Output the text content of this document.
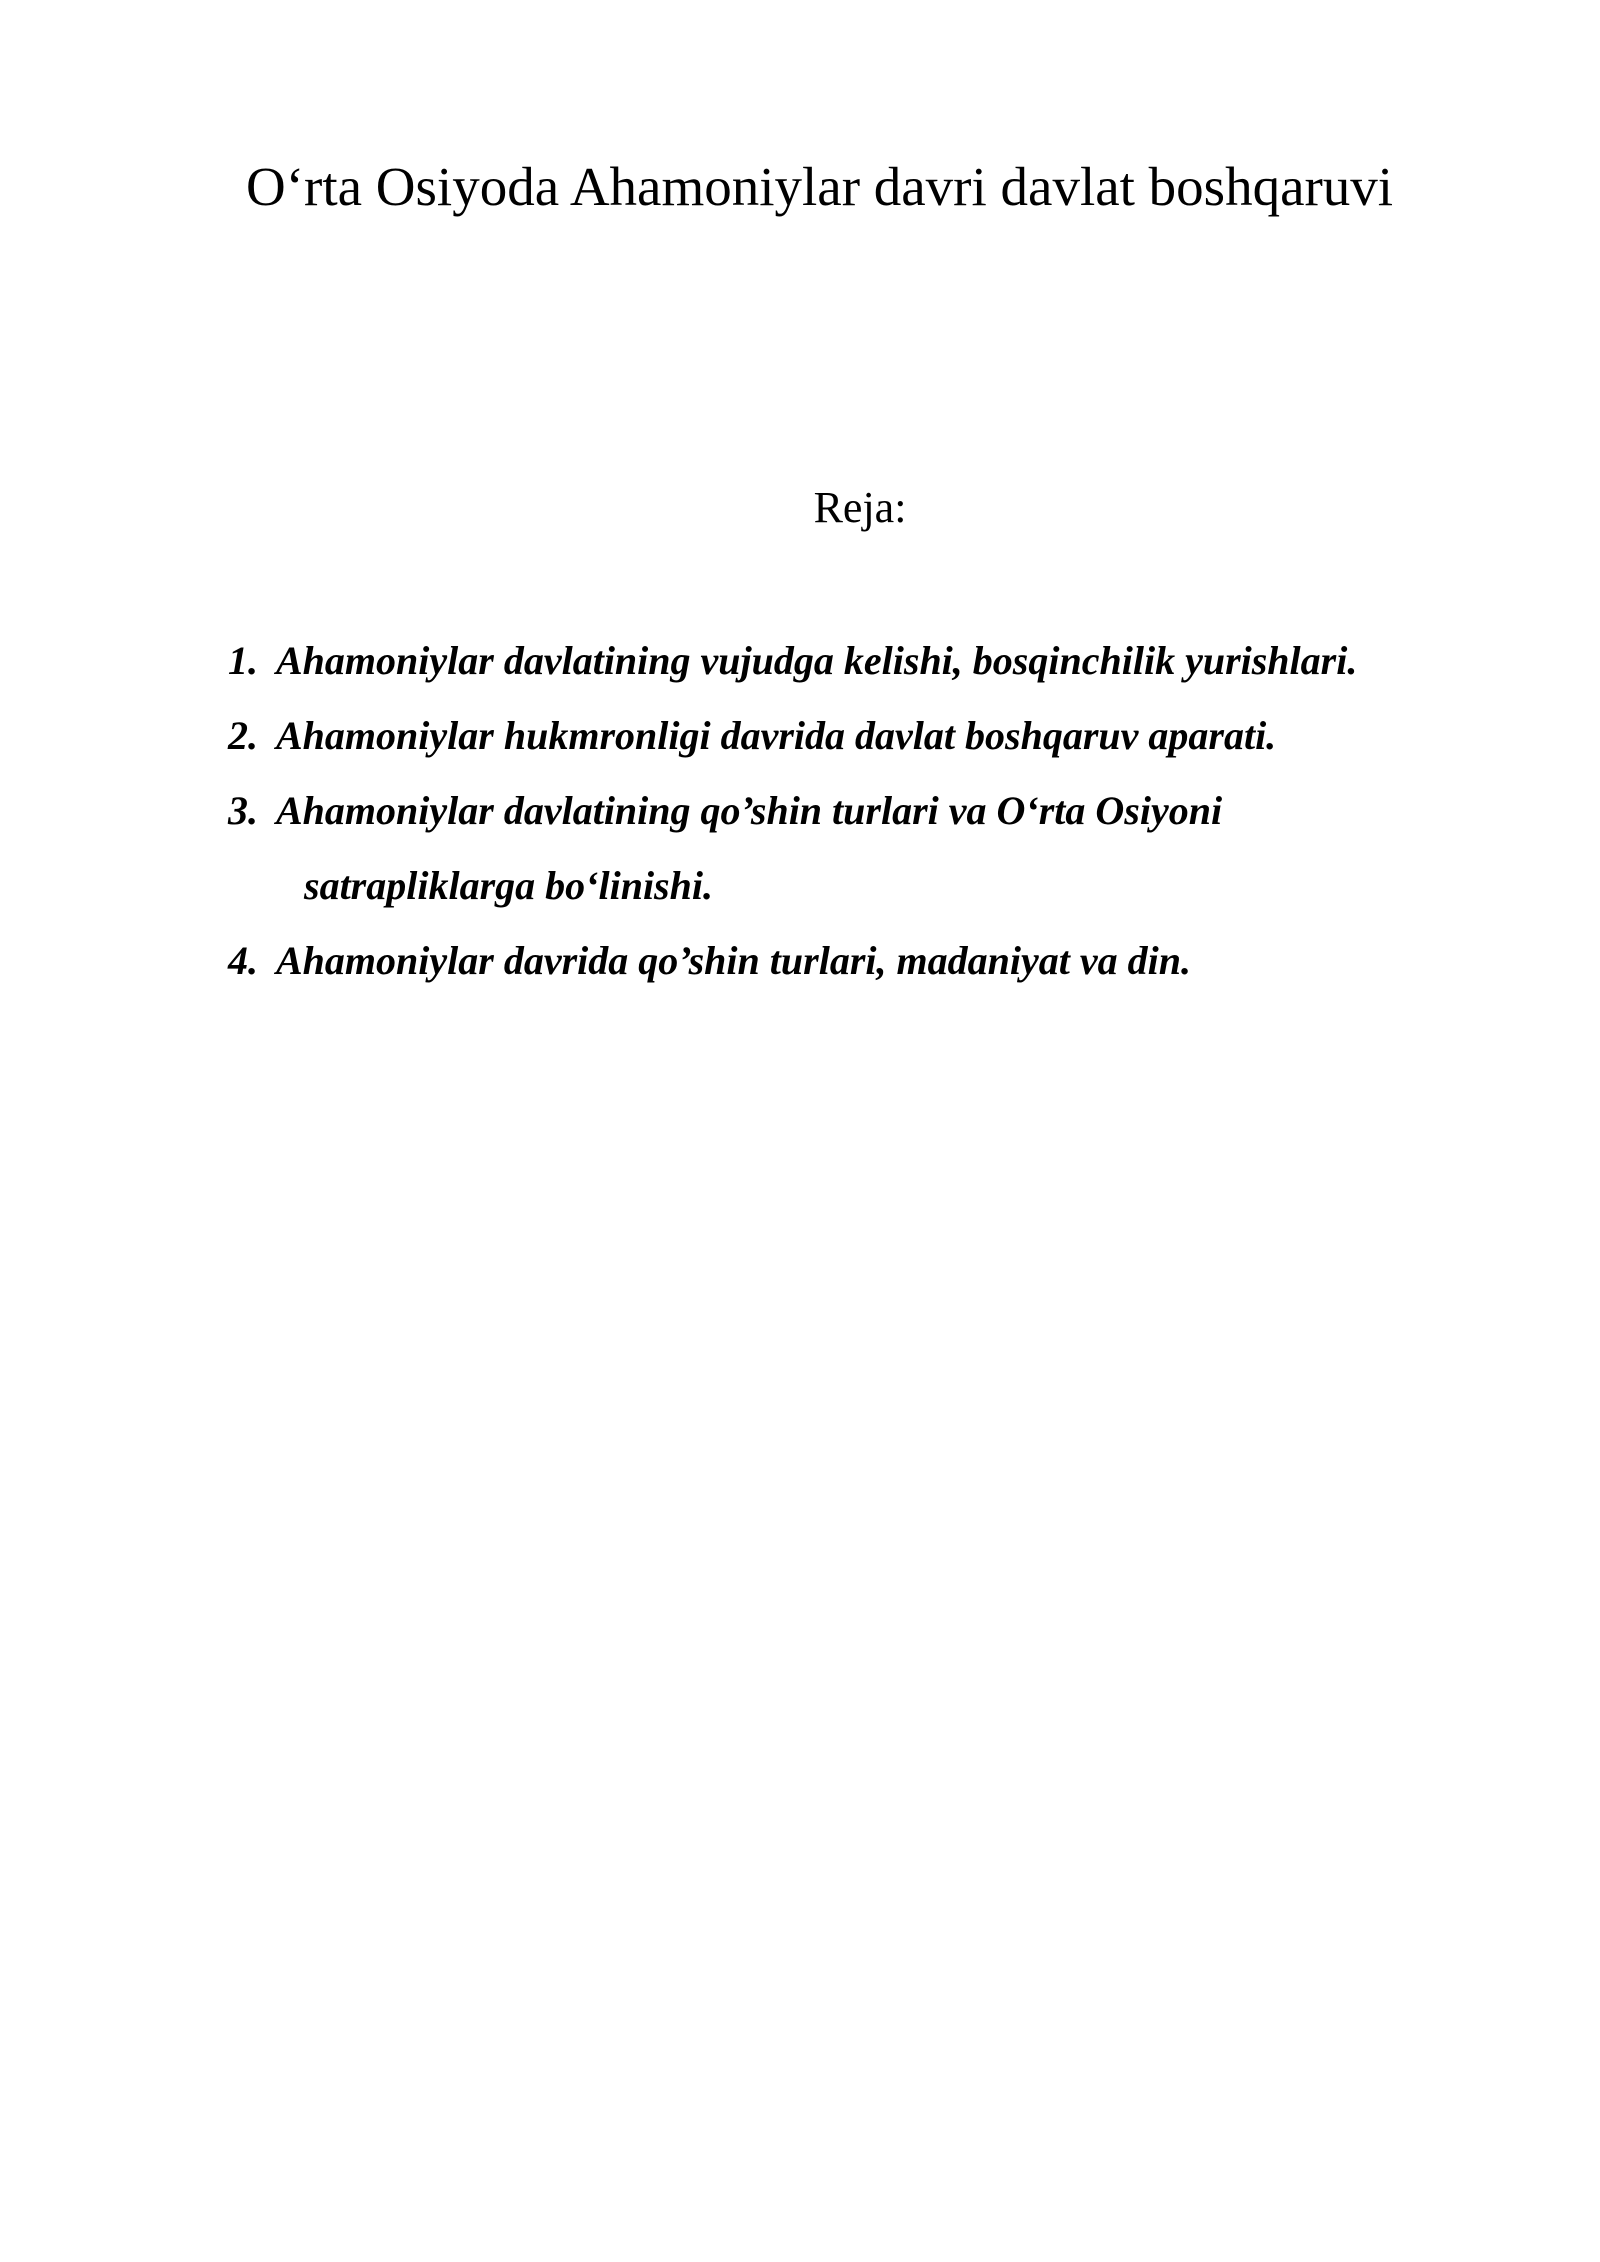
O‘rta Osiyoda Ahamoniylar davri davlat boshqaruvi
Reja:
1. Ahamoniylar davlatining vujudga kelishi, bosqinchilik yurishlari.
2. Ahamoniylar hukmronligi davrida davlat boshqaruv aparati.
3. Ahamoniylar davlatining qo’shin turlari va O‘rta Osiyoni
satrapliklarga bo‘linishi.
4. Ahamoniylar davrida qo’shin turlari, madaniyat va din.
